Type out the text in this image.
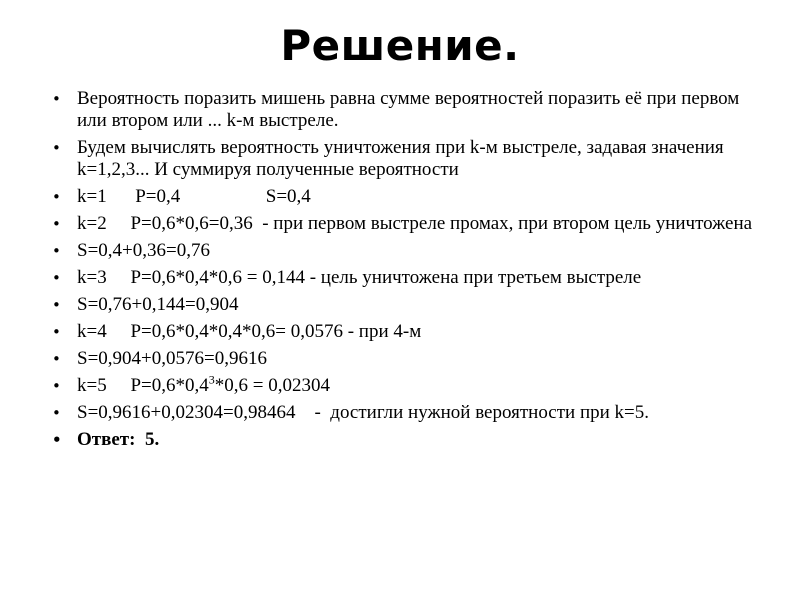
Решение.
• Вероятность поразить мишень равна сумме вероятностей поразить её при первом или втором или ... k-м выстреле.
• Будем вычислять вероятность уничтожения при k-м выстреле, задавая значения k=1,2,3... И суммируя полученные вероятности
• k=1      P=0,4                  S=0,4
• k=2     P=0,6*0,6=0,36  - при первом выстреле промах, при втором цель уничтожена
• S=0,4+0,36=0,76
• k=3     P=0,6*0,4*0,6 = 0,144 - цель уничтожена при третьем выстреле
• S=0,76+0,144=0,904
• k=4     P=0,6*0,4*0,4*0,6= 0,0576 - при 4-м
• S=0,904+0,0576=0,9616
• k=5     $P=0,6*0,4^3*0,6 = 0,02304$
• S=0,9616+0,02304=0,98464    -  достигли нужной вероятности при k=5.
• Ответ:  5.
